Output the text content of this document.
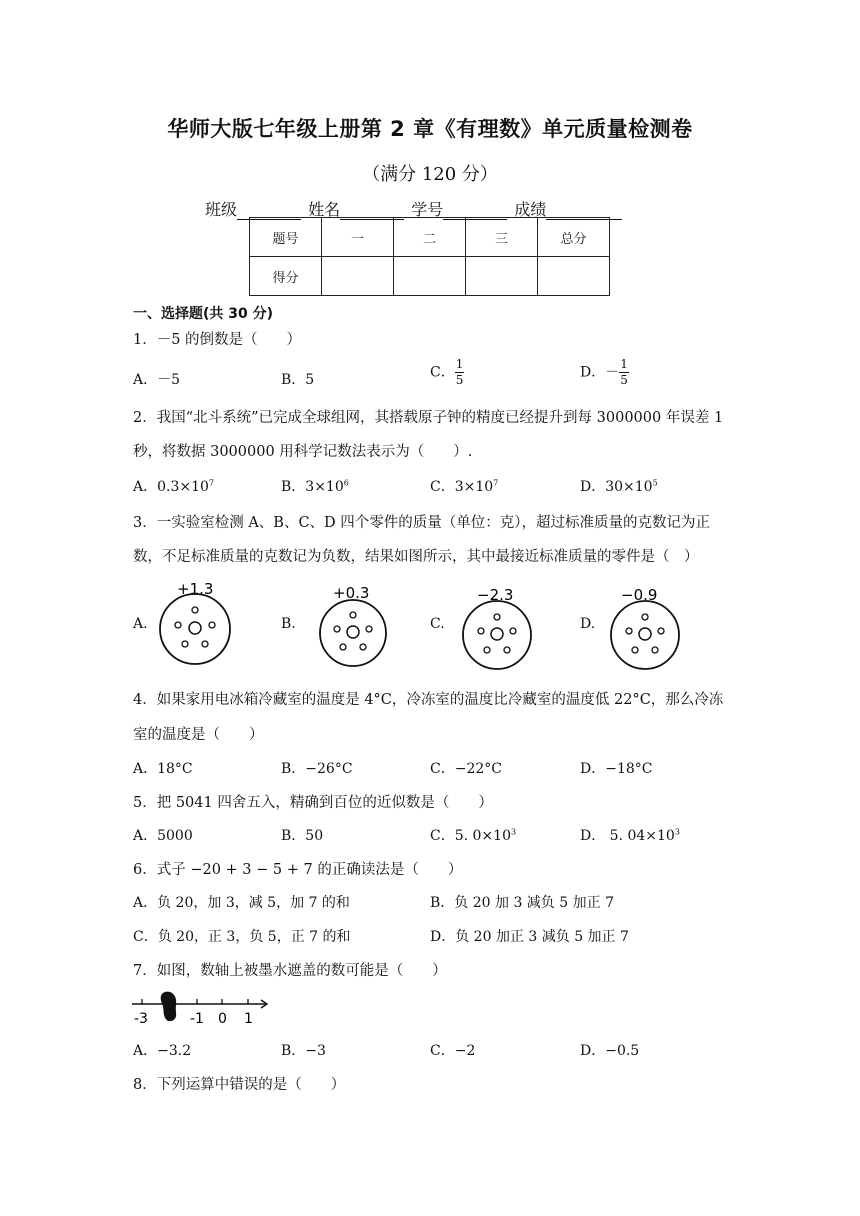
华师大版七年级上册第 2 章《有理数》单元质量检测卷
（满分 120 分）
班级	姓名	学号	成绩
题号	一	二	三	总分
得分				
一、选择题(共 30 分)
1．－5 的倒数是（　　）
A．－5	B．5	C． $\frac{1}{5}$	D．－ $\frac{1}{5}$
2．我国“北斗系统”已完成全球组网，其搭载原子钟的精度已经提升到每 3000000 年误差 1
秒，将数据 3000000 用科学记数法表示为（　　）.
A．$0.3\times 10^7$	B．$3\times 10^6$	C．$3\times 10^7$	D．$30\times 10^5$
3．一实验室检测 A、B、C、D 四个零件的质量（单位：克），超过标准质量的克数记为正
数，不足标准质量的克数记为负数，结果如图所示，其中最接近标准质量的零件是（　）
A.	B.	C.	D.
+1.3	+0.3	−2.3	−0.9
4．如果家用电冰箱冷藏室的温度是 4°C，冷冻室的温度比冷藏室的温度低 22°C，那么冷冻
室的温度是（　　）
A．18°C	B．−26°C	C．−22°C	D．−18°C
5．把 5041 四舍五入，精确到百位的近似数是（　　）
A．5000	B．50	C．5. $0\times 10^3$	D． 5. $04\times 10^3$
6．式子 −20 + 3 − 5 + 7 的正确读法是（　　）
A．负 20，加 3，减 5，加 7 的和	B．负 20 加 3 减负 5 加正 7
C．负 20，正 3，负 5，正 7 的和	D．负 20 加正 3 减负 5 加正 7
7．如图，数轴上被墨水遮盖的数可能是（　　）
-3	-1 0 1
A．−3.2	B．−3	C．−2	D．−0.5
8．下列运算中错误的是（　　）
